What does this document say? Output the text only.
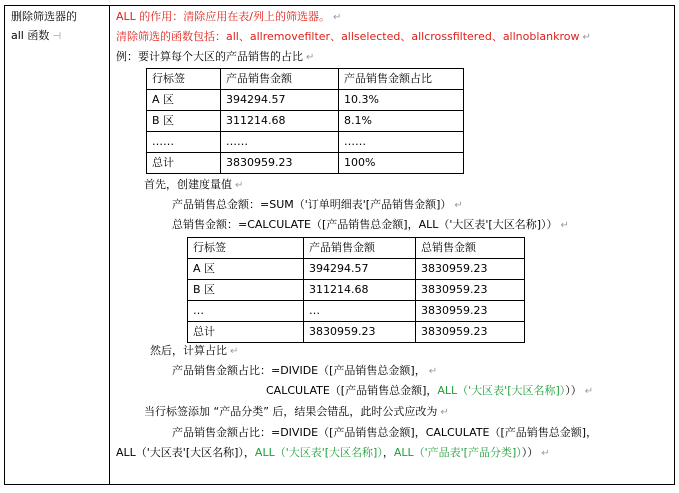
删除筛选器的
all 函数 ⊣
ALL 的作用：清除应用在表/列上的筛选器。 ↵
清除筛选的函数包括：all、allremovefilter、allselected、allcrossfiltered、allnoblankrow ↵
例：要计算每个大区的产品销售的占比 ↵
行标签	产品销售金额	产品销售金额占比
A 区	394294.57	10.3%
B 区	311214.68	8.1%
……	……	……
总计	3830959.23	100%
首先，创建度量值 ↵
产品销售总金额：=SUM（'订单明细表'[产品销售金额]） ↵
总销售金额：=CALCULATE（[产品销售总金额]，ALL（'大区表'[大区名称]）） ↵
行标签	产品销售金额	总销售金额
A 区	394294.57	3830959.23
B 区	311214.68	3830959.23
…	…	3830959.23
总计	3830959.23	3830959.23
然后，计算占比 ↵
产品销售金额占比：=DIVIDE（[产品销售总金额]， ↵
CALCULATE（[产品销售总金额]，ALL（'大区表'[大区名称]））） ↵
当行标签添加 “产品分类” 后，结果会错乱，此时公式应改为 ↵
产品销售金额占比：=DIVIDE（[产品销售总金额]，CALCULATE（[产品销售总金额]，
ALL（'大区表'[大区名称]），ALL（'大区表'[大区名称]），ALL（'产品表'[产品分类]））） ↵
